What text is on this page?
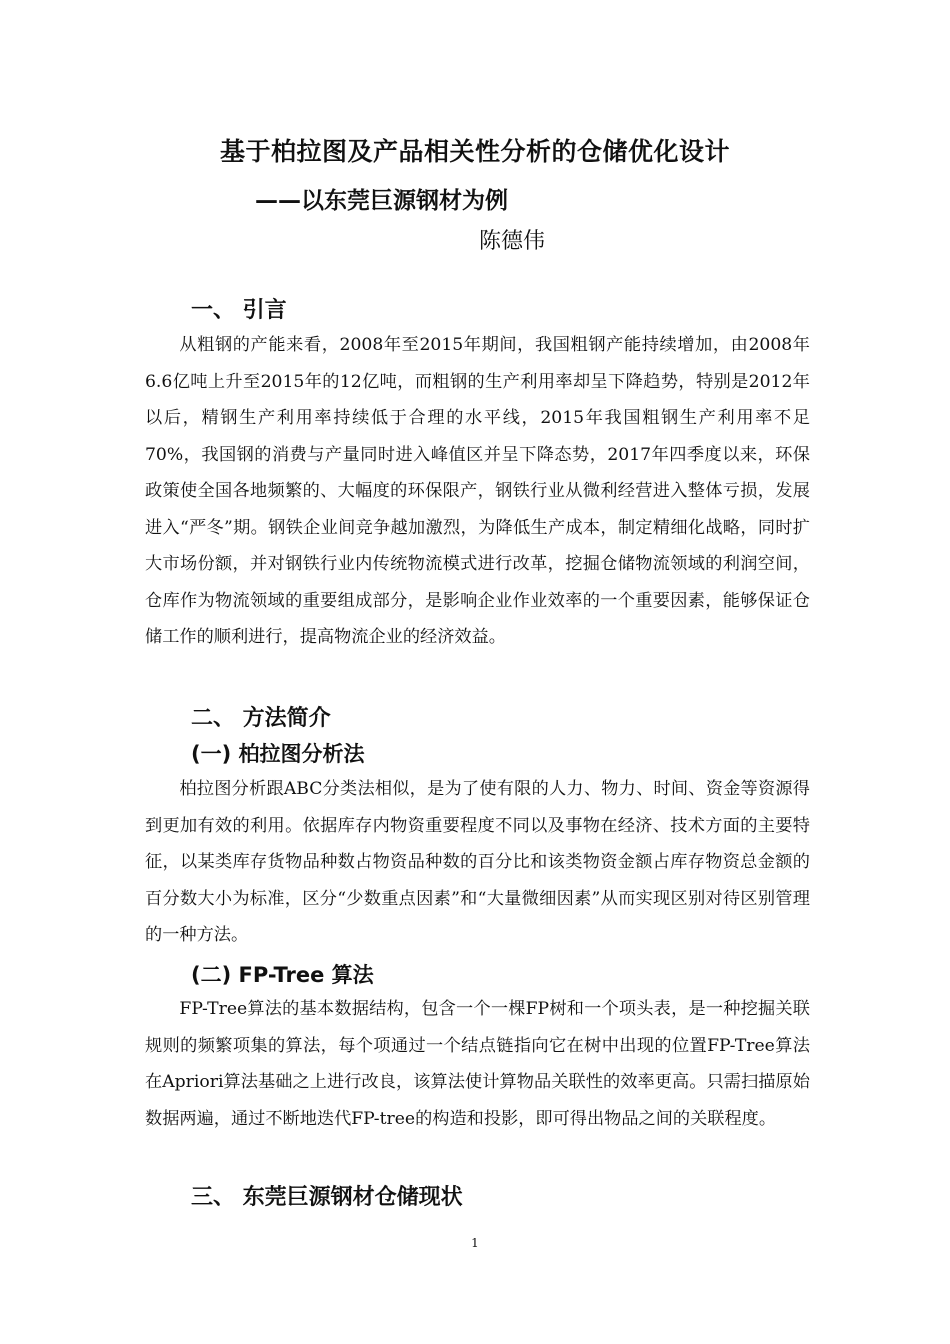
基于柏拉图及产品相关性分析的仓储优化设计
——以东莞巨源钢材为例
陈德伟
一、 引言

从粗钢的产能来看，2008年至2015年期间，我国粗钢产能持续增加，由2008年6.6亿吨上升至2015年的12亿吨，而粗钢的生产利用率却呈下降趋势，特别是2012年以后，精钢生产利用率持续低于合理的水平线，2015年我国粗钢生产利用率不足70%，我国钢的消费与产量同时进入峰值区并呈下降态势，2017年四季度以来，环保政策使全国各地频繁的、大幅度的环保限产，钢铁行业从微利经营进入整体亏损，发展进入“严冬”期。钢铁企业间竞争越加激烈，为降低生产成本，制定精细化战略，同时扩大市场份额，并对钢铁行业内传统物流模式进行改革，挖掘仓储物流领域的利润空间，仓库作为物流领域的重要组成部分，是影响企业作业效率的一个重要因素，能够保证仓储工作的顺利进行，提高物流企业的经济效益。

二、 方法简介
(一) 柏拉图分析法

柏拉图分析跟ABC分类法相似，是为了使有限的人力、物力、时间、资金等资源得到更加有效的利用。依据库存内物资重要程度不同以及事物在经济、技术方面的主要特征，以某类库存货物品种数占物资品种数的百分比和该类物资金额占库存物资总金额的百分数大小为标准，区分“少数重点因素”和“大量微细因素”从而实现区别对待区别管理的一种方法。

(二) FP-Tree 算法

FP-Tree算法的基本数据结构，包含一个一棵FP树和一个项头表，是一种挖掘关联规则的频繁项集的算法，每个项通过一个结点链指向它在树中出现的位置FP-Tree算法在Apriori算法基础之上进行改良，该算法使计算物品关联性的效率更高。只需扫描原始数据两遍，通过不断地迭代FP-tree的构造和投影，即可得出物品之间的关联程度。

三、 东莞巨源钢材仓储现状
1
